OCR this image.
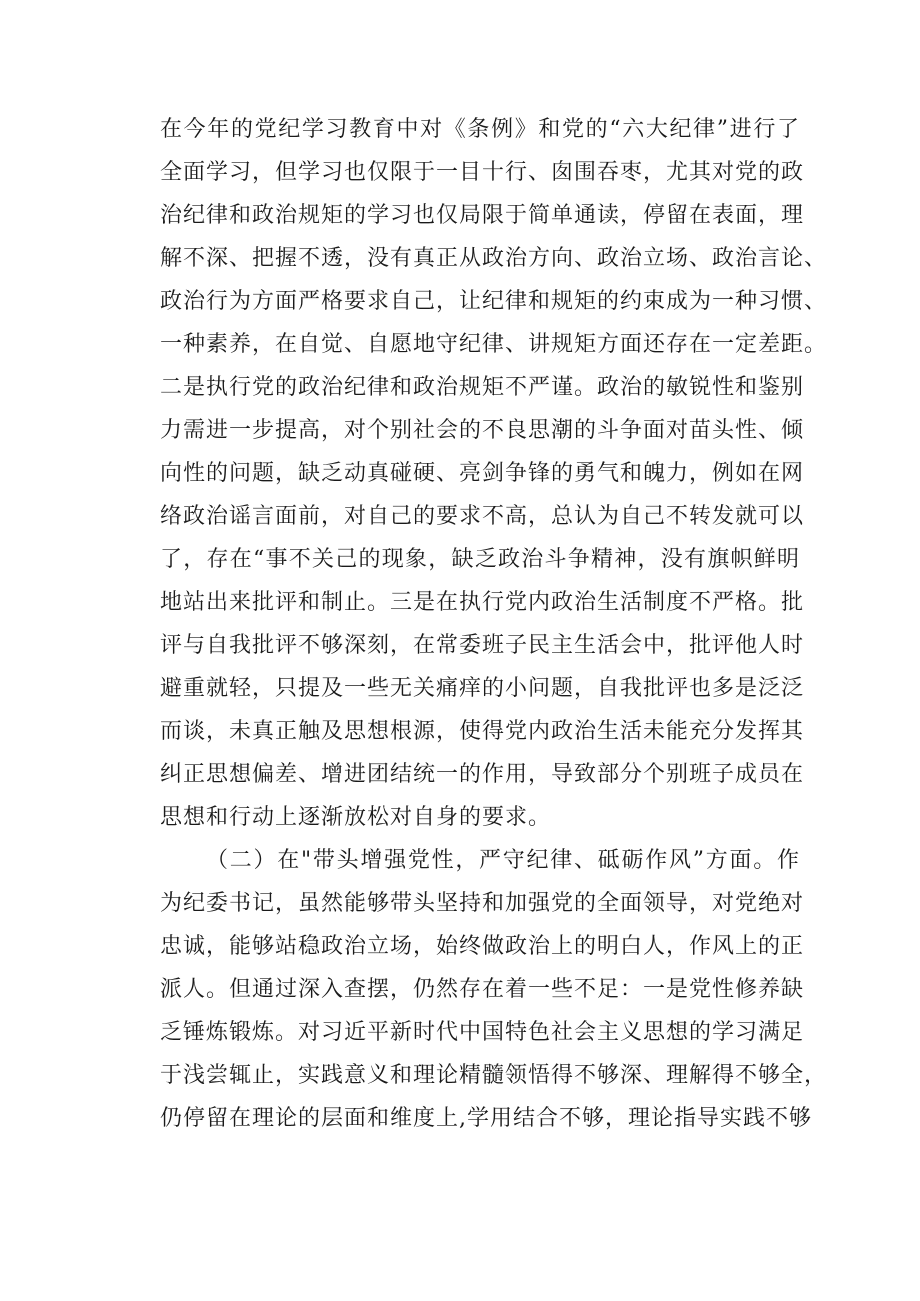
在今年的党纪学习教育中对《条例》和党的“六大纪律”进行了
全面学习，但学习也仅限于一目十行、囱围吞枣，尤其对党的政
治纪律和政治规矩的学习也仅局限于简单通读，停留在表面，理
解不深、把握不透，没有真正从政治方向、政治立场、政治言论、
政治行为方面严格要求自己，让纪律和规矩的约束成为一种习惯、
一种素养，在自觉、自愿地守纪律、讲规矩方面还存在一定差距。
二是执行党的政治纪律和政治规矩不严谨。政治的敏锐性和鉴别
力需进一步提高，对个别社会的不良思潮的斗争面对苗头性、倾
向性的问题，缺乏动真碰硬、亮剑争锋的勇气和魄力，例如在网
络政治谣言面前，对自己的要求不高，总认为自己不转发就可以
了，存在“事不关己的现象，缺乏政治斗争精神，没有旗帜鲜明
地站出来批评和制止。三是在执行党内政治生活制度不严格。批
评与自我批评不够深刻，在常委班子民主生活会中，批评他人时
避重就轻，只提及一些无关痛痒的小问题，自我批评也多是泛泛
而谈，未真正触及思想根源，使得党内政治生活未能充分发挥其
纠正思想偏差、增进团结统一的作用，导致部分个别班子成员在
思想和行动上逐渐放松对自身的要求。
（二）在"带头增强党性，严守纪律、砥砺作风”方面。作
为纪委书记，虽然能够带头坚持和加强党的全面领导，对党绝对
忠诚，能够站稳政治立场，始终做政治上的明白人，作风上的正
派人。但通过深入查摆，仍然存在着一些不足：一是党性修养缺
乏锤炼锻炼。对习近平新时代中国特色社会主义思想的学习满足
于浅尝辄止，实践意义和理论精髓领悟得不够深、理解得不够全，
仍停留在理论的层面和维度上,学用结合不够，理论指导实践不够
